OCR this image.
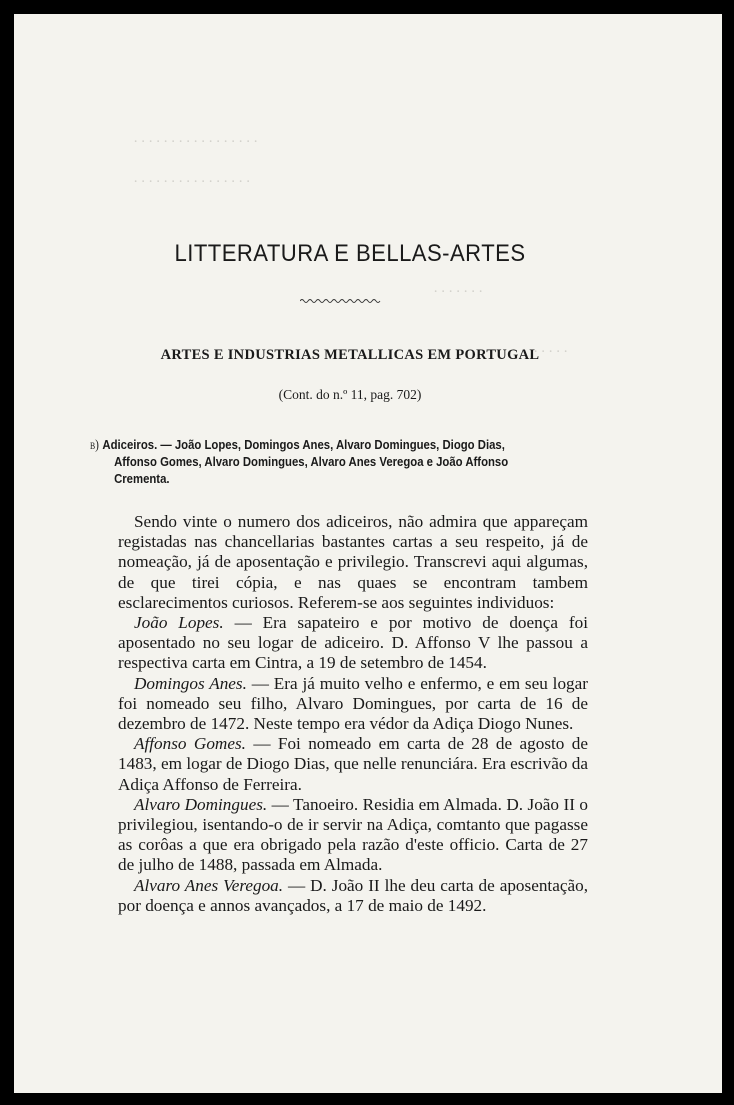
· · · · · · · · · · · · · · · · ·
· · · · · · · · · · · · · · · ·
· · · · · · ·
· · · · ·
LITTERATURA E BELLAS-ARTES
ARTES E INDUSTRIAS METALLICAS EM PORTUGAL
(Cont. do n.º 11, pag. 702)
b) Adiceiros. — João Lopes, Domingos Anes, Alvaro Domingues, Diogo Dias,
Affonso Gomes, Alvaro Domingues, Alvaro Anes Veregoa e João Affonso
Crementa.

Sendo vinte o numero dos adiceiros, não admira que appareçam registadas nas chancellarias bastantes cartas a seu respeito, já de nomeação, já de aposentação e privilegio. Transcrevi aqui algumas, de que tirei cópia, e nas quaes se encontram tambem esclarecimentos curiosos. Referem-se aos seguintes individuos:

João Lopes. — Era sapateiro e por motivo de doença foi aposentado no seu logar de adiceiro. D. Affonso V lhe passou a respectiva carta em Cintra, a 19 de setembro de 1454.

Domingos Anes. — Era já muito velho e enfermo, e em seu logar foi nomeado seu filho, Alvaro Domingues, por carta de 16 de dezembro de 1472. Neste tempo era védor da Adiça Diogo Nunes.

Affonso Gomes. — Foi nomeado em carta de 28 de agosto de 1483, em logar de Diogo Dias, que nelle renunciára. Era escrivão da Adiça Affonso de Ferreira.

Alvaro Domingues. — Tanoeiro. Residia em Almada. D. João II o privilegiou, isentando-o de ir servir na Adiça, comtanto que pagasse as corôas a que era obrigado pela razão d'este officio. Carta de 27 de julho de 1488, passada em Almada.

Alvaro Anes Veregoa. — D. João II lhe deu carta de aposentação, por doença e annos avançados, a 17 de maio de 1492.
